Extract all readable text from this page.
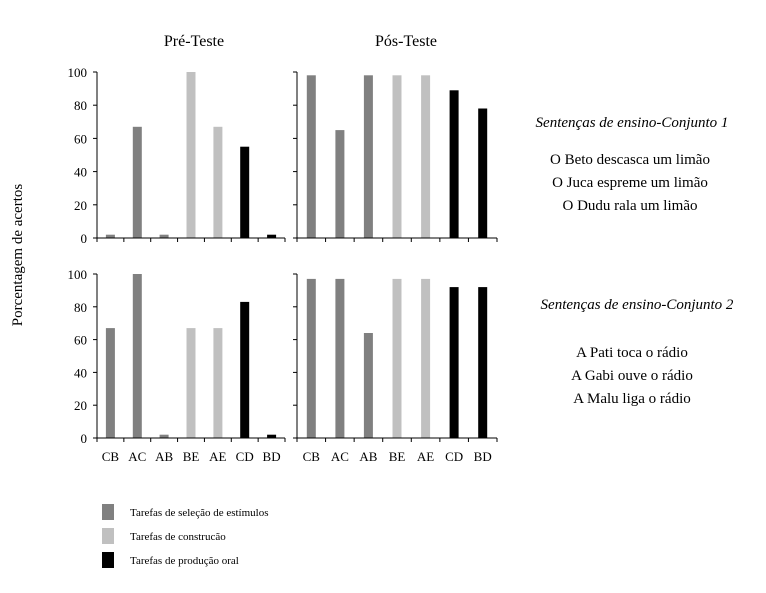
Pré-Teste	Pós-Teste
Porcentagem de acertos
Sentenças de ensino-Conjunto 1
O Beto descasca um limão
O Juca espreme um limão
O Dudu rala um limão
Sentenças de ensino-Conjunto 2
A Pati toca o rádio
A Gabi ouve o rádio
A Malu liga o rádio
Tarefas de seleção de estímulos
Tarefas de construcão
Tarefas de produção oral
0
20
40
60
80
100
0
20
40
60
80
100
CB AC AB BE AE CD BD CB AC AB BE AE CD BD
